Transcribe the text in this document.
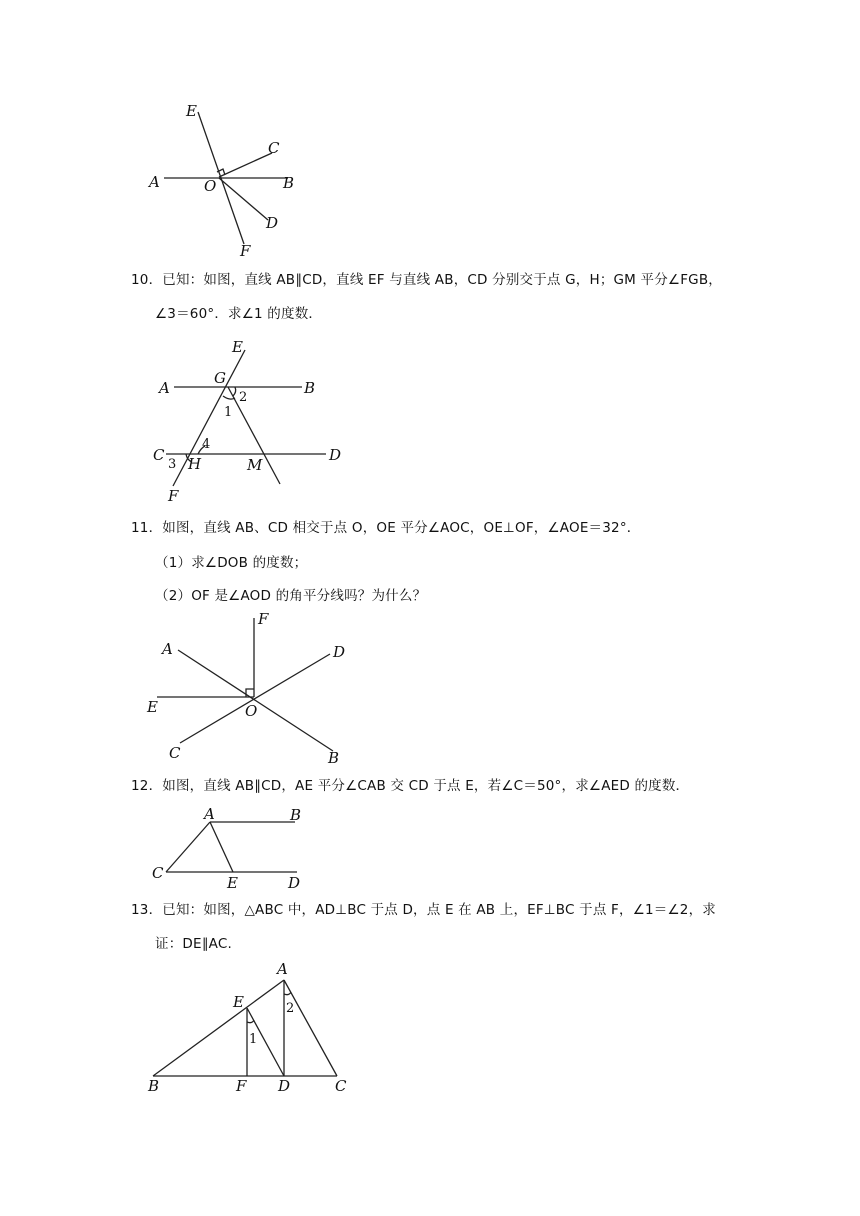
E
C
A	O	B
D
F
10．已知：如图，直线 AB∥CD，直线 EF 与直线 AB，CD 分别交于点 G，H；GM 平分∠FGB，
∠3＝60°．求∠1 的度数．
E
A
G
B
2
1
4
C
3 H	M
D
F
11．如图，直线 AB、CD 相交于点 O，OE 平分∠AOC，OE⊥OF，∠AOE＝32°．
（1）求∠DOB 的度数；
（2）OF 是∠AOD 的角平分线吗？为什么？
F
A	D
E	O
C	B
12．如图，直线 AB∥CD，AE 平分∠CAB 交 CD 于点 E，若∠C＝50°，求∠AED 的度数．
A	B
C
E	D
13．已知：如图，△ABC 中，AD⊥BC 于点 D，点 E 在 AB 上，EF⊥BC 于点 F，∠1＝∠2，求
证：DE∥AC.
A
E	2
1
B	F D	C
